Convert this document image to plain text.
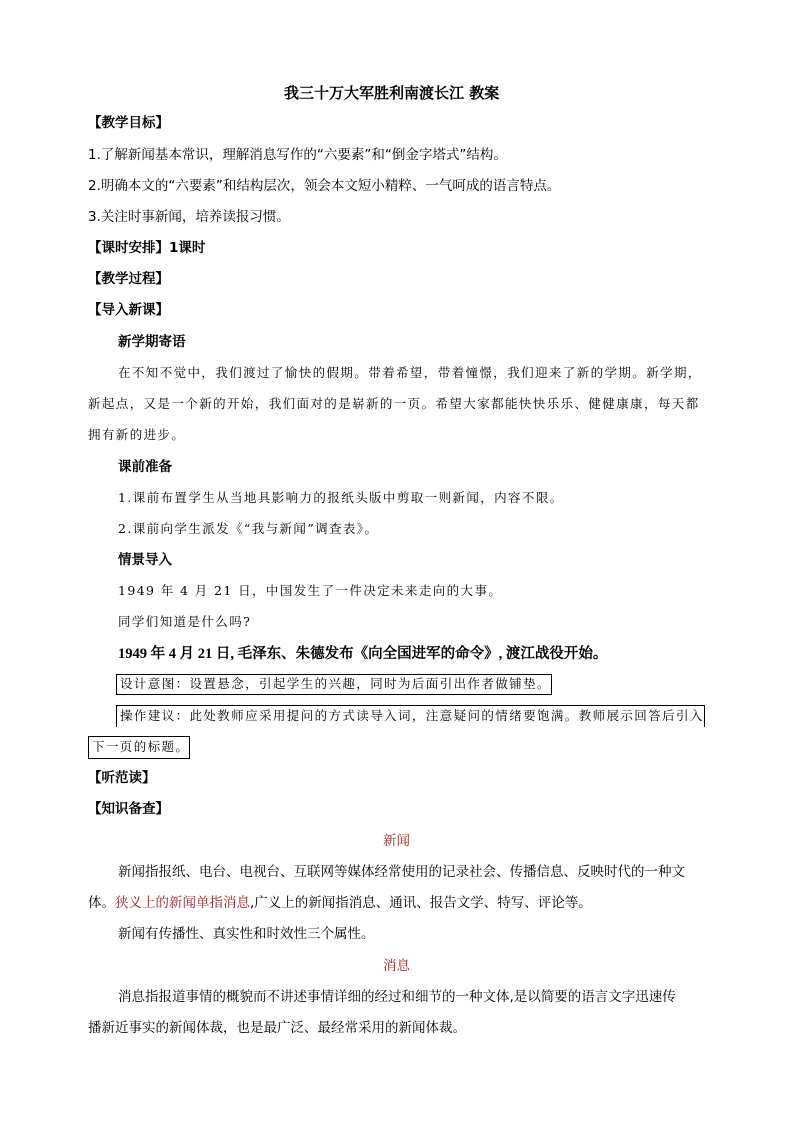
我三十万大军胜利南渡长江 教案
【教学目标】
1.了解新闻基本常识，理解消息写作的“六要素”和“倒金字塔式”结构。
2.明确本文的“六要素”和结构层次，领会本文短小精粹、一气呵成的语言特点。
3.关注时事新闻，培养读报习惯。
【课时安排】1课时
【教学过程】
【导入新课】
新学期寄语
在不知不觉中，我们渡过了愉快的假期。带着希望，带着憧憬，我们迎来了新的学期。新学期，
新起点，又是一个新的开始，我们面对的是崭新的一页。希望大家都能快快乐乐、健健康康，每天都
拥有新的进步。
课前准备
1.课前布置学生从当地具影响力的报纸头版中剪取一则新闻，内容不限。
2.课前向学生派发《“我与新闻”调查表》。
情景导入
1949 年 4 月 21 日，中国发生了一件决定未来走向的大事。
同学们知道是什么吗?
1949 年 4 月 21 日, 毛泽东、朱德发布《向全国进军的命令》, 渡江战役开始。
设计意图：设置悬念，引起学生的兴趣，同时为后面引出作者做铺垫。
操作建议：此处教师应采用提问的方式读导入词，注意疑问的情绪要饱满。教师展示回答后引入
下一页的标题。
【听范读】
【知识备查】
新闻
新闻指报纸、电台、电视台、互联网等媒体经常使用的记录社会、传播信息、反映时代的一种文
体。狭义上的新闻单指消息,广义上的新闻指消息、通讯、报告文学、特写、评论等。
新闻有传播性、真实性和时效性三个属性。
消息
消息指报道事情的概貌而不讲述事情详细的经过和细节的一种文体,是以简要的语言文字迅速传
播新近事实的新闻体裁，也是最广泛、最经常采用的新闻体裁。
